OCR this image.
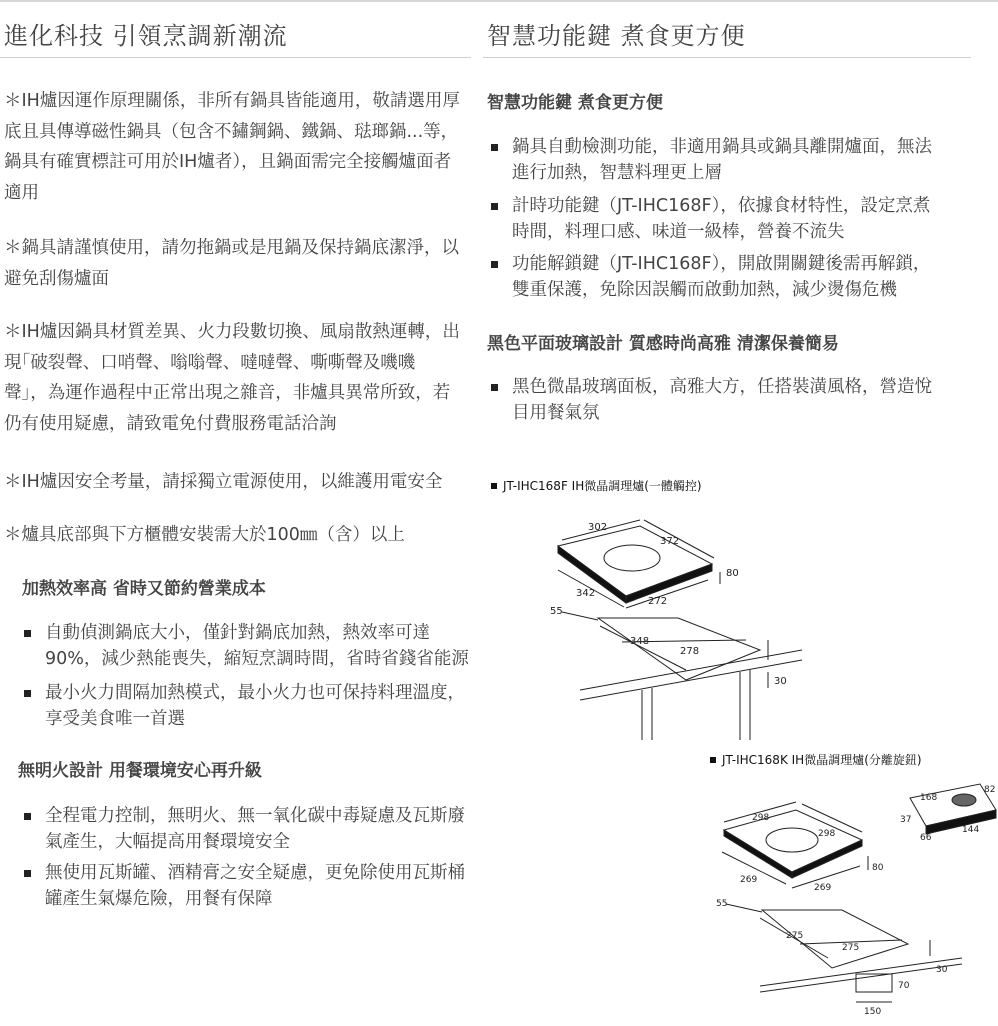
進化科技 引領烹調新潮流
＊IH爐因運作原理關係，非所有鍋具皆能適用，敬請選用厚
底且具傳導磁性鍋具（包含不鏽鋼鍋、鐵鍋、琺瑯鍋...等，
鍋具有確實標註可用於IH爐者），且鍋面需完全接觸爐面者
適用
＊鍋具請謹慎使用，請勿拖鍋或是甩鍋及保持鍋底潔淨，以
避免刮傷爐面
＊IH爐因鍋具材質差異、火力段數切換、風扇散熱運轉，出
現｢破裂聲、口哨聲、嗡嗡聲、噠噠聲、嘶嘶聲及嘰嘰
聲」，為運作過程中正常出現之雜音，非爐具異常所致，若
仍有使用疑慮，請致電免付費服務電話洽詢
＊IH爐因安全考量，請採獨立電源使用，以維護用電安全
＊爐具底部與下方櫃體安裝需大於100㎜（含）以上
加熱效率高 省時又節約營業成本
自動偵測鍋底大小，僅針對鍋底加熱，熱效率可達
90%，減少熱能喪失，縮短烹調時間，省時省錢省能源
最小火力間隔加熱模式，最小火力也可保持料理溫度，
享受美食唯一首選
無明火設計 用餐環境安心再升級
全程電力控制，無明火、無一氧化碳中毒疑慮及瓦斯廢
氣產生，大幅提高用餐環境安全
無使用瓦斯罐、酒精膏之安全疑慮，更免除使用瓦斯桶
罐產生氣爆危險，用餐有保障
智慧功能鍵 煮食更方便
智慧功能鍵 煮食更方便
鍋具自動檢測功能，非適用鍋具或鍋具離開爐面，無法
進行加熱，智慧料理更上層
計時功能鍵（JT-IHC168F），依據食材特性，設定烹煮
時間，料理口感、味道一級棒，營養不流失
功能解鎖鍵（JT-IHC168F），開啟開關鍵後需再解鎖，
雙重保護，免除因誤觸而啟動加熱，減少燙傷危機
黑色平面玻璃設計 質感時尚高雅 清潔保養簡易
黑色微晶玻璃面板，高雅大方，任搭裝潢風格，營造悅
目用餐氣氛
JT-IHC168F IH微晶調理爐(一體觸控)
JT-IHC168K IH微晶調理爐(分離旋鈕)
302
372
80
342
272
55
348
278
30
298
298
80
269
269
55
275
275
30
70
150
168
82
37
66
144
